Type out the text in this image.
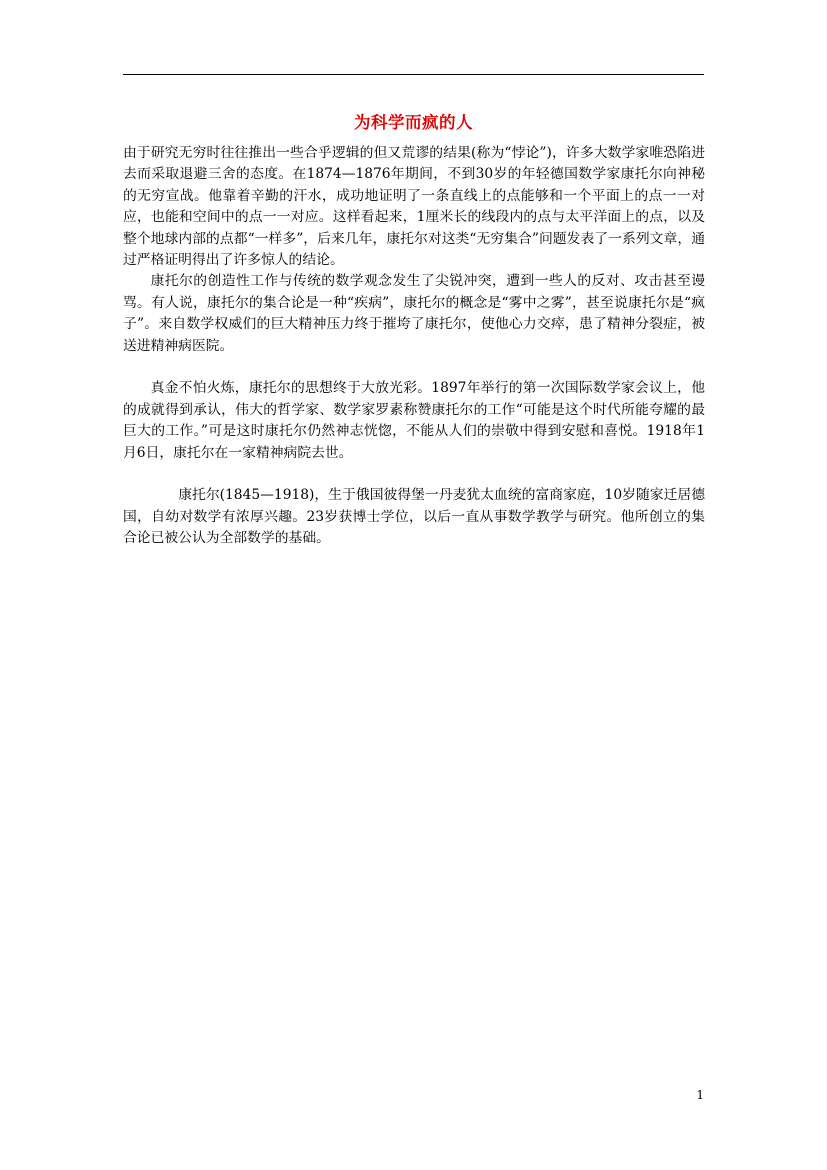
为科学而疯的人

由于研究无穷时往往推出一些合乎逻辑的但又荒谬的结果(称为“悖论”)，许多大数学家唯恐陷进去而采取退避三舍的态度。在1874—1876年期间，不到30岁的年轻德国数学家康托尔向神秘的无穷宣战。他靠着辛勤的汗水，成功地证明了一条直线上的点能够和一个平面上的点一一对应，也能和空间中的点一一对应。这样看起来，1厘米长的线段内的点与太平洋面上的点，以及整个地球内部的点都“一样多”，后来几年，康托尔对这类“无穷集合”问题发表了一系列文章，通过严格证明得出了许多惊人的结论。

康托尔的创造性工作与传统的数学观念发生了尖锐冲突，遭到一些人的反对、攻击甚至谩骂。有人说，康托尔的集合论是一种“疾病”，康托尔的概念是“雾中之雾”，甚至说康托尔是“疯子”。来自数学权威们的巨大精神压力终于摧垮了康托尔，使他心力交瘁，患了精神分裂症，被送进精神病医院。

真金不怕火炼，康托尔的思想终于大放光彩。1897年举行的第一次国际数学家会议上，他的成就得到承认，伟大的哲学家、数学家罗素称赞康托尔的工作“可能是这个时代所能夸耀的最巨大的工作。”可是这时康托尔仍然神志恍惚，不能从人们的崇敬中得到安慰和喜悦。1918年1月6日，康托尔在一家精神病院去世。

康托尔(1845—1918)，生于俄国彼得堡一丹麦犹太血统的富商家庭，10岁随家迁居德国，自幼对数学有浓厚兴趣。23岁获博士学位，以后一直从事数学教学与研究。他所创立的集合论已被公认为全部数学的基础。

1
